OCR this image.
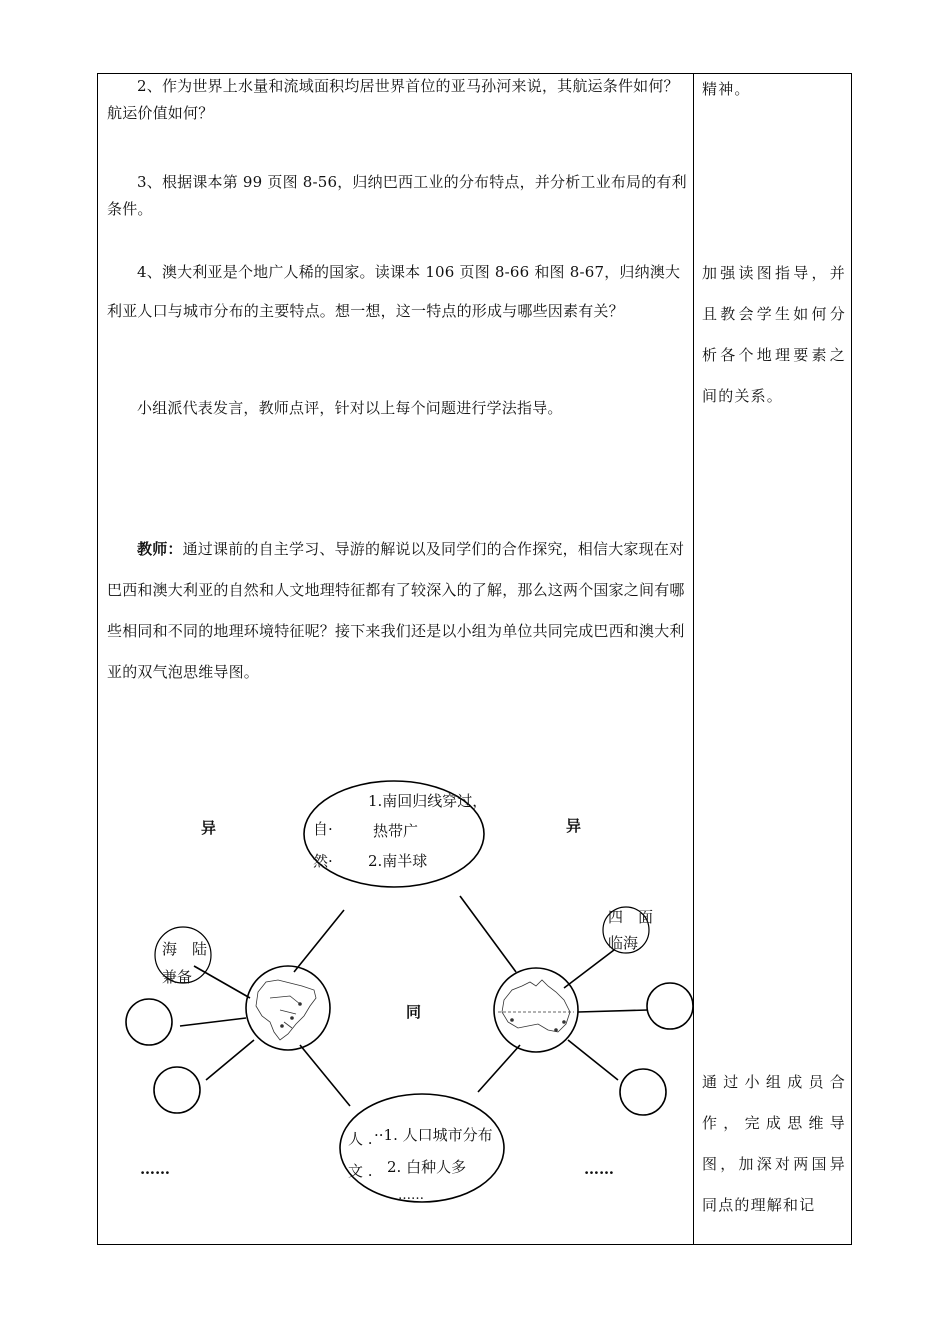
2、作为世界上水量和流域面积均居世界首位的亚马孙河来说，其航运条件如何？航运价值如何？

3、根据课本第 99 页图 8-56，归纳巴西工业的分布特点，并分析工业布局的有利条件。

4、澳大利亚是个地广人稀的国家。读课本 106 页图 8-66 和图 8-67，归纳澳大利亚人口与城市分布的主要特点。想一想，这一特点的形成与哪些因素有关？

小组派代表发言，教师点评，针对以上每个问题进行学法指导。

教师：通过课前的自主学习、导游的解说以及同学们的合作探究，相信大家现在对巴西和澳大利亚的自然和人文地理特征都有了较深入的了解，那么这两个国家之间有哪些相同和不同的地理环境特征呢？接下来我们还是以小组为单位共同完成巴西和澳大利亚的双气泡思维导图。

精神。
加强读图指导，并且教会学生如何分析各个地理要素之间的关系。
通过小组成员合作，完成思维导图，加深对两国异同点的理解和记
异	异
同
自·
然·
1.南回归线穿过，
热带广
2.南半球
人 .
文 .
··1. 人口城市分布
2. 白种人多
……
海　陆
兼备
四　面
临海
……	……
